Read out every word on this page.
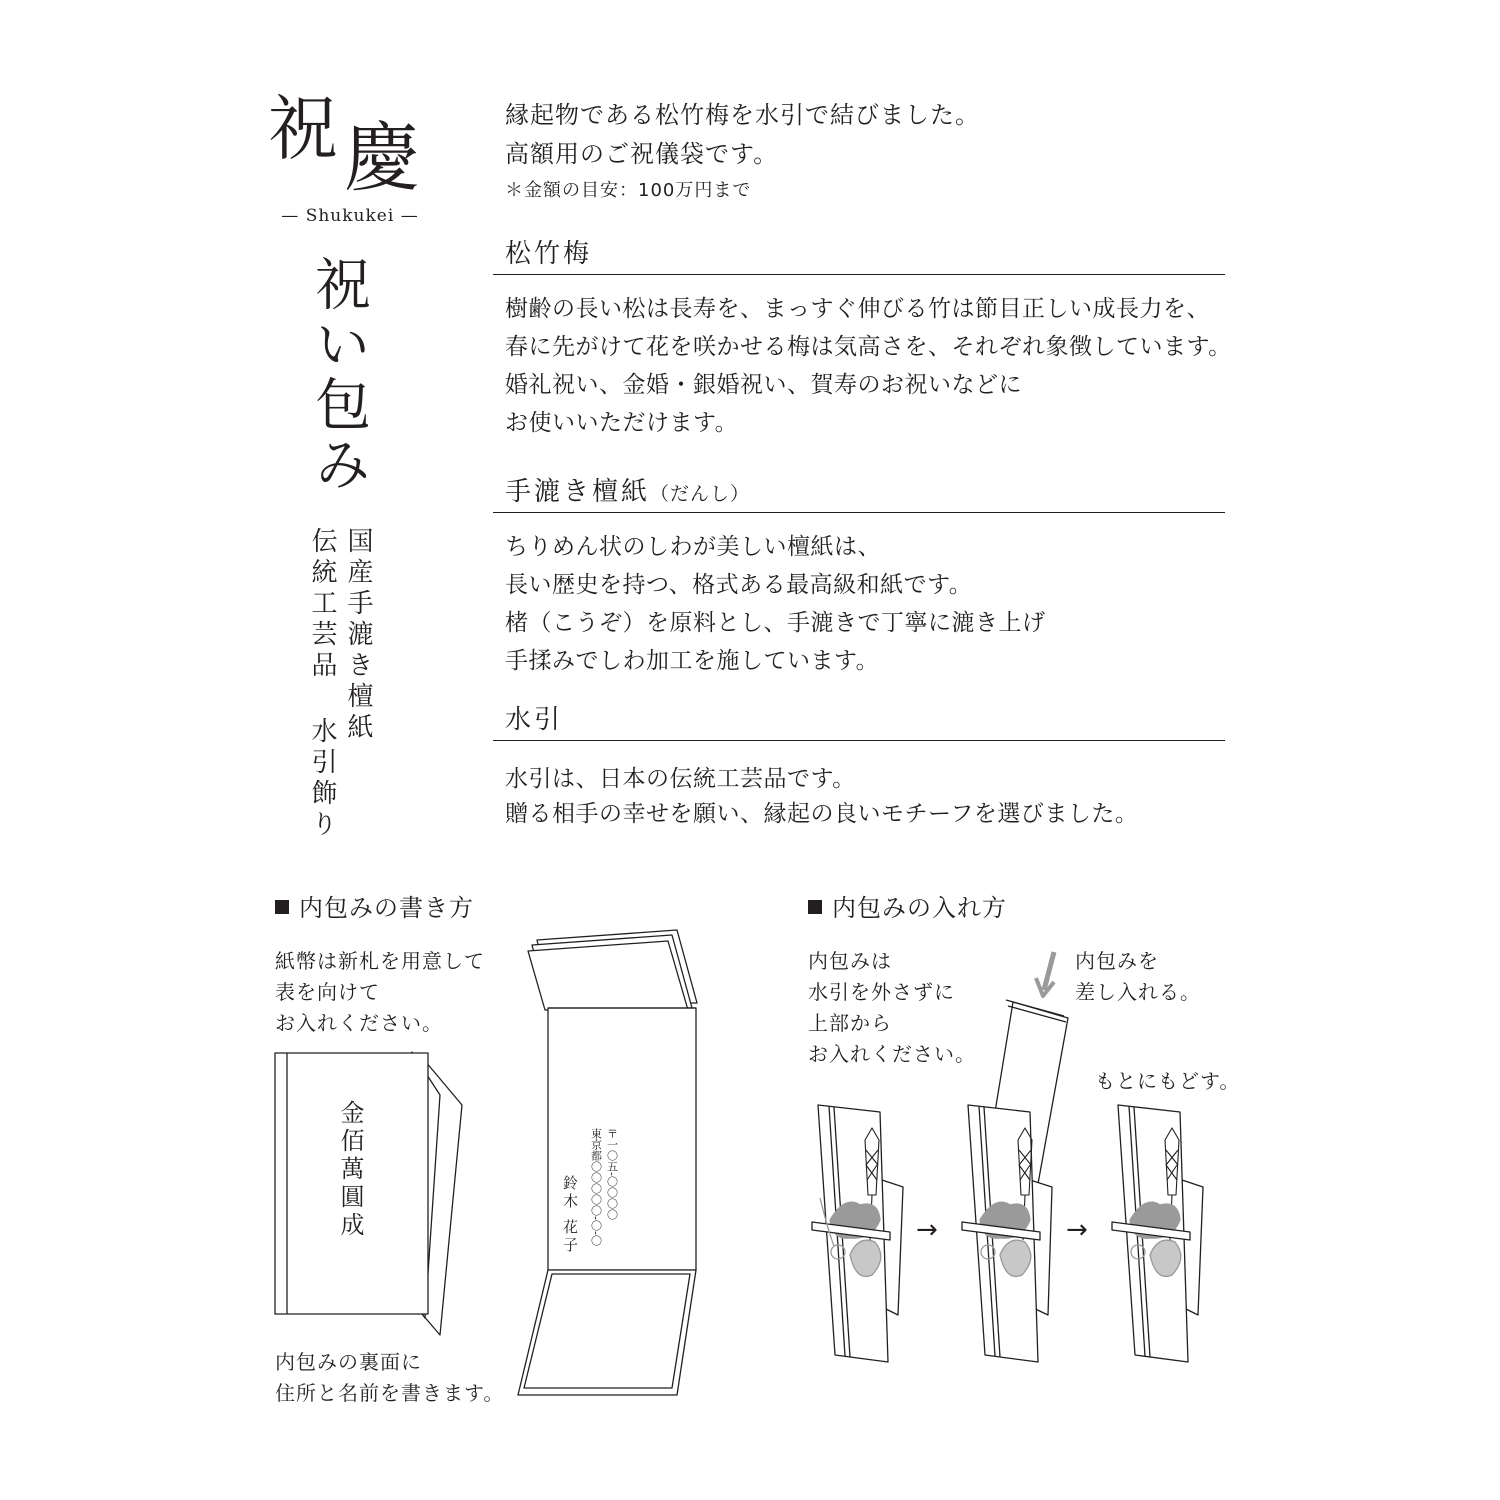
祝 慶
— Shukukei —
祝い包み
国産手漉き檀紙
伝統工芸品 水引飾り
縁起物である松竹梅を水引で結びました。
高額用のご祝儀袋です。
＊金額の目安：100万円まで
松竹梅
樹齢の長い松は長寿を、まっすぐ伸びる竹は節目正しい成長力を、
春に先がけて花を咲かせる梅は気高さを、それぞれ象徴しています。
婚礼祝い、金婚・銀婚祝い、賀寿のお祝いなどに
お使いいただけます。
手漉き檀紙（だんし）
ちりめん状のしわが美しい檀紙は、
長い歴史を持つ、格式ある最高級和紙です。
楮（こうぞ）を原料とし、手漉きで丁寧に漉き上げ
手揉みでしわ加工を施しています。
水引
水引は、日本の伝統工芸品です。
贈る相手の幸せを願い、縁起の良いモチーフを選びました。
内包みの書き方
紙幣は新札を用意して
表を向けて
お入れください。
内包みの裏面に
住所と名前を書きます。
内包みの入れ方
内包みは
水引を外さずに
上部から
お入れください。
内包みを
差し入れる。
もとにもどす。
金佰萬圓成	〒一〇五-〇〇〇〇
東京都〇〇〇〇〇-〇-〇
鈴木 花子	→	→
